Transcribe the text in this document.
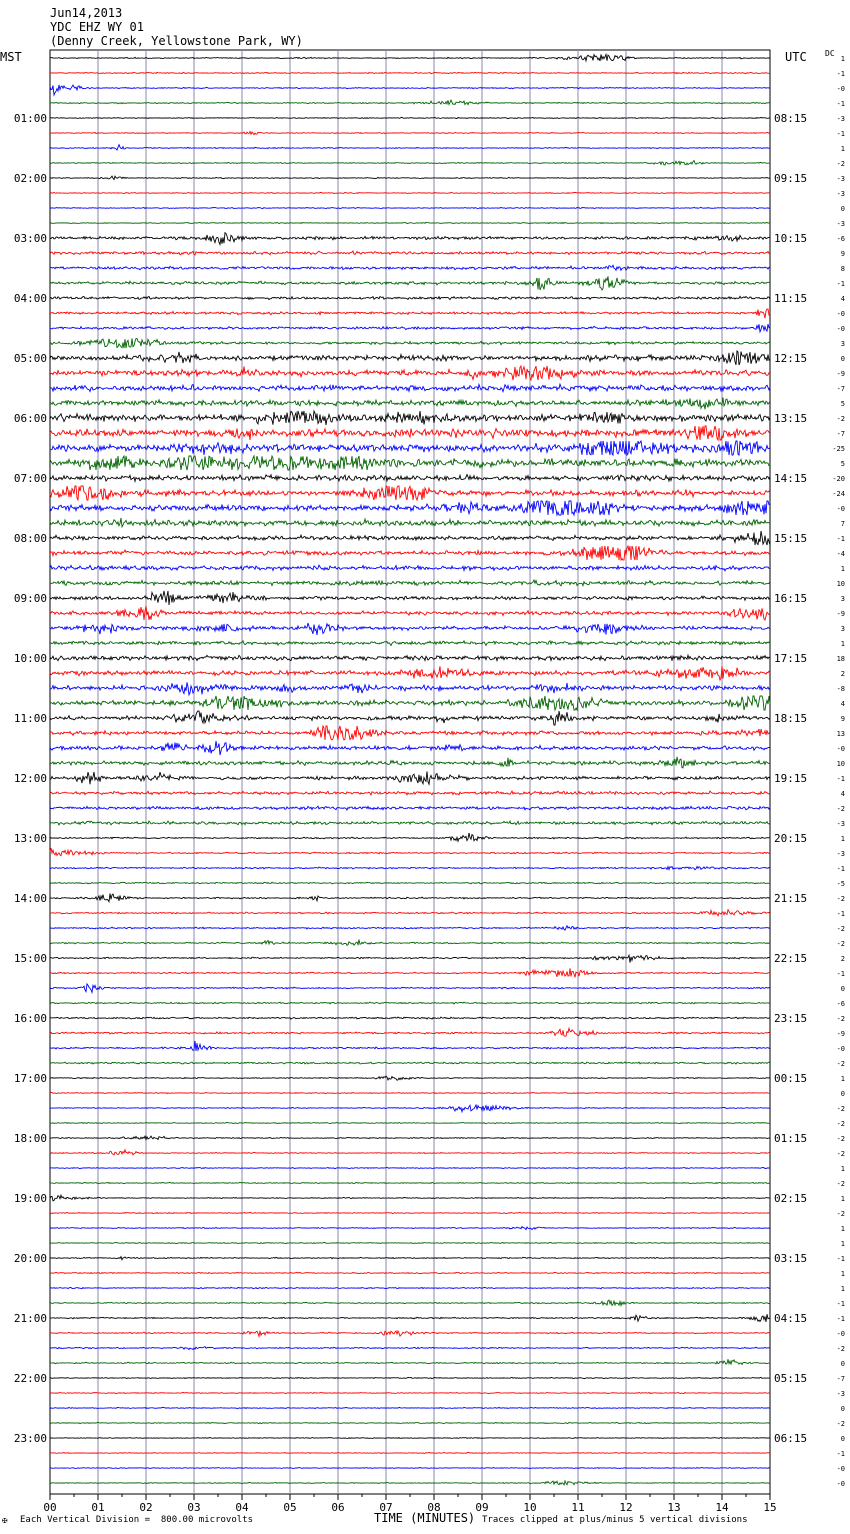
Jun14,2013
YDC EHZ WY 01
(Denny Creek, Yellowstone Park, WY)
MST	UTC DC
00	01	02	03	04	05	06	07	08	09	10	11	12	13	14	15
1
-1
-0
-1
-3
01:00	08:15
-1
1
-2
-3
02:00	09:15
-3
0
-3
-6
03:00	10:15
9
8
-1
4
04:00	11:15
-0
-0
3
0
05:00	12:15
-9
-7
5
-2
06:00	13:15
-7
-25
5
-20
07:00	14:15
-24
-0
7
-1
08:00	15:15
-4
1
10
3
09:00	16:15
-9
3
1
18
10:00	17:15
2
-8
4
9
11:00	18:15
13
-0
10
-1
12:00	19:15
4
-2
-3
1
13:00	20:15
-3
-1
-5
-2
14:00	21:15
-1
-2
-2
2
15:00	22:15
-1
0
-6
-2
16:00	23:15
-9
-0
-2
1
17:00	00:15
0
-2
-2
-2
18:00	01:15
-2
1
-2
1
19:00	02:15
-2
1
1
-1
20:00	03:15
1
1
-1
-1
21:00	04:15
-0
-2
0
-7
22:00	05:15
-3
0
-2
0
23:00	06:15
-1
-0
-0
✠ Each Vertical Division =  800.00 microvolts	TIME (MINUTES) Traces clipped at plus/minus 5 vertical divisions
